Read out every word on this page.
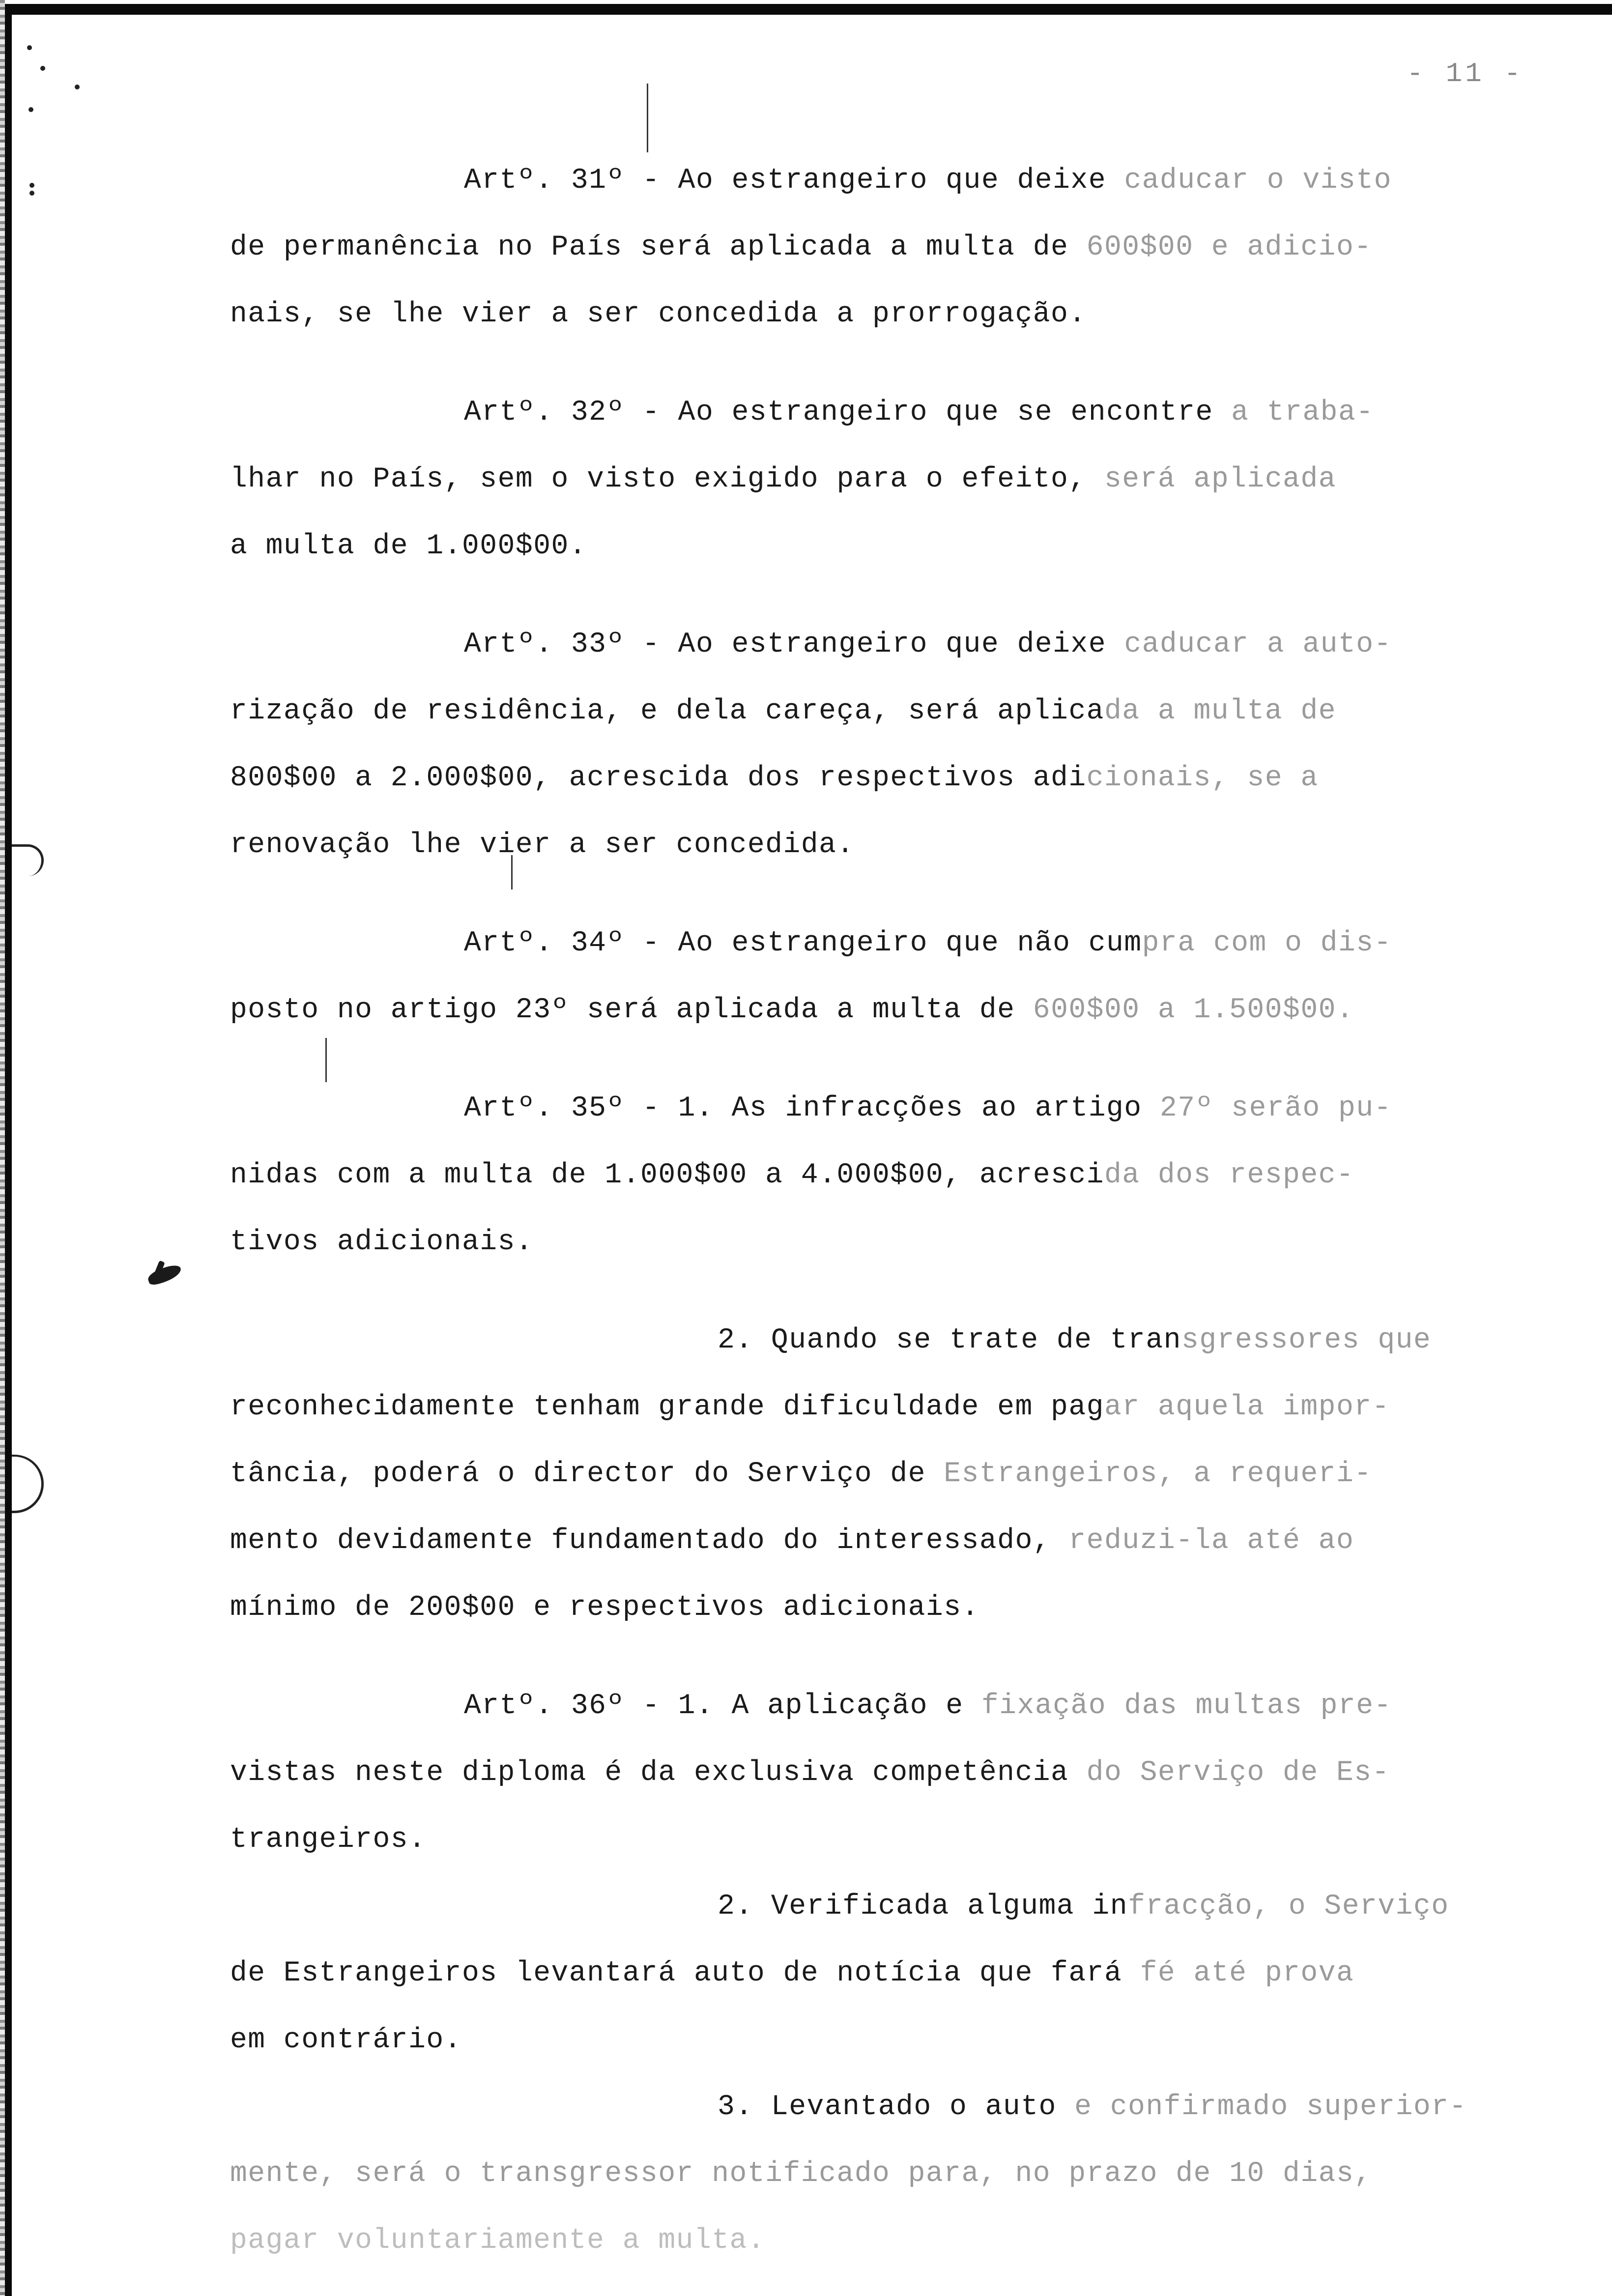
- 11 -
Artº. 31º - Ao estrangeiro que deixe caducar o visto
de permanência no País será aplicada a multa de 600$00 e adicio-
nais, se lhe vier a ser concedida a prorrogação.
Artº. 32º - Ao estrangeiro que se encontre a traba-
lhar no País, sem o visto exigido para o efeito, será aplicada
a multa de 1.000$00.
Artº. 33º - Ao estrangeiro que deixe caducar a auto-
rização de residência, e dela careça, será aplicada a multa de
800$00 a 2.000$00, acrescida dos respectivos adicionais, se a
renovação lhe vier a ser concedida.
Artº. 34º - Ao estrangeiro que não cumpra com o dis-
posto no artigo 23º será aplicada a multa de 600$00 a 1.500$00.
Artº. 35º - 1. As infracções ao artigo 27º serão pu-
nidas com a multa de 1.000$00 a 4.000$00, acrescida dos respec-
tivos adicionais.
2. Quando se trate de transgressores que
reconhecidamente tenham grande dificuldade em pagar aquela impor-
tância, poderá o director do Serviço de Estrangeiros, a requeri-
mento devidamente fundamentado do interessado, reduzi-la até ao
mínimo de 200$00 e respectivos adicionais.
Artº. 36º - 1. A aplicação e fixação das multas pre-
vistas neste diploma é da exclusiva competência do Serviço de Es-
trangeiros.
2. Verificada alguma infracção, o Serviço
de Estrangeiros levantará auto de notícia que fará fé até prova
em contrário.
3. Levantado o auto e confirmado superior-
mente, será o transgressor notificado para, no prazo de 10 dias,
pagar voluntariamente a multa.
